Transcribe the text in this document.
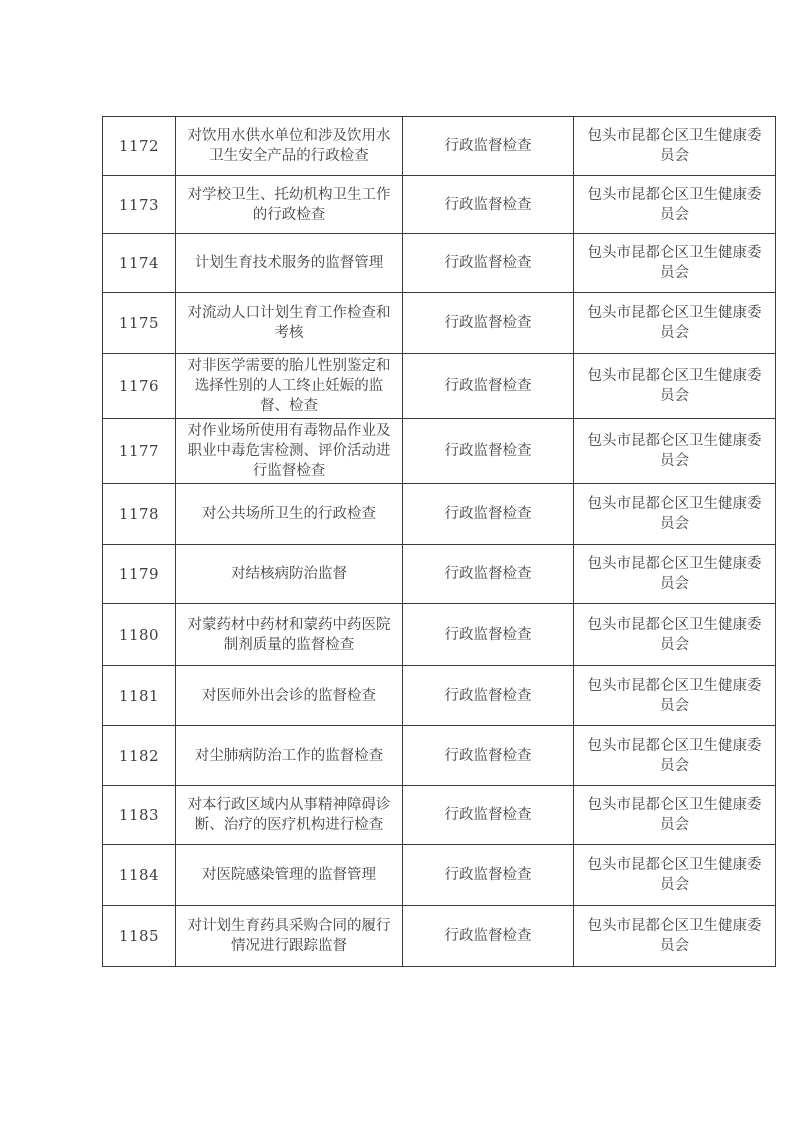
1172	对饮用水供水单位和涉及饮用水卫生安全产品的行政检查	行政监督检查	包头市昆都仑区卫生健康委员会
1173	对学校卫生、托幼机构卫生工作的行政检查	行政监督检查	包头市昆都仑区卫生健康委员会
1174	计划生育技术服务的监督管理	行政监督检查	包头市昆都仑区卫生健康委员会
1175	对流动人口计划生育工作检查和考核	行政监督检查	包头市昆都仑区卫生健康委员会
1176	对非医学需要的胎儿性别鉴定和选择性别的人工终止妊娠的监督、检查	行政监督检查	包头市昆都仑区卫生健康委员会
1177	对作业场所使用有毒物品作业及职业中毒危害检测、评价活动进行监督检查	行政监督检查	包头市昆都仑区卫生健康委员会
1178	对公共场所卫生的行政检查	行政监督检查	包头市昆都仑区卫生健康委员会
1179	对结核病防治监督	行政监督检查	包头市昆都仑区卫生健康委员会
1180	对蒙药材中药材和蒙药中药医院制剂质量的监督检查	行政监督检查	包头市昆都仑区卫生健康委员会
1181	对医师外出会诊的监督检查	行政监督检查	包头市昆都仑区卫生健康委员会
1182	对尘肺病防治工作的监督检查	行政监督检查	包头市昆都仑区卫生健康委员会
1183	对本行政区域内从事精神障碍诊断、治疗的医疗机构进行检查	行政监督检查	包头市昆都仑区卫生健康委员会
1184	对医院感染管理的监督管理	行政监督检查	包头市昆都仑区卫生健康委员会
1185	对计划生育药具采购合同的履行情况进行跟踪监督	行政监督检查	包头市昆都仑区卫生健康委员会
